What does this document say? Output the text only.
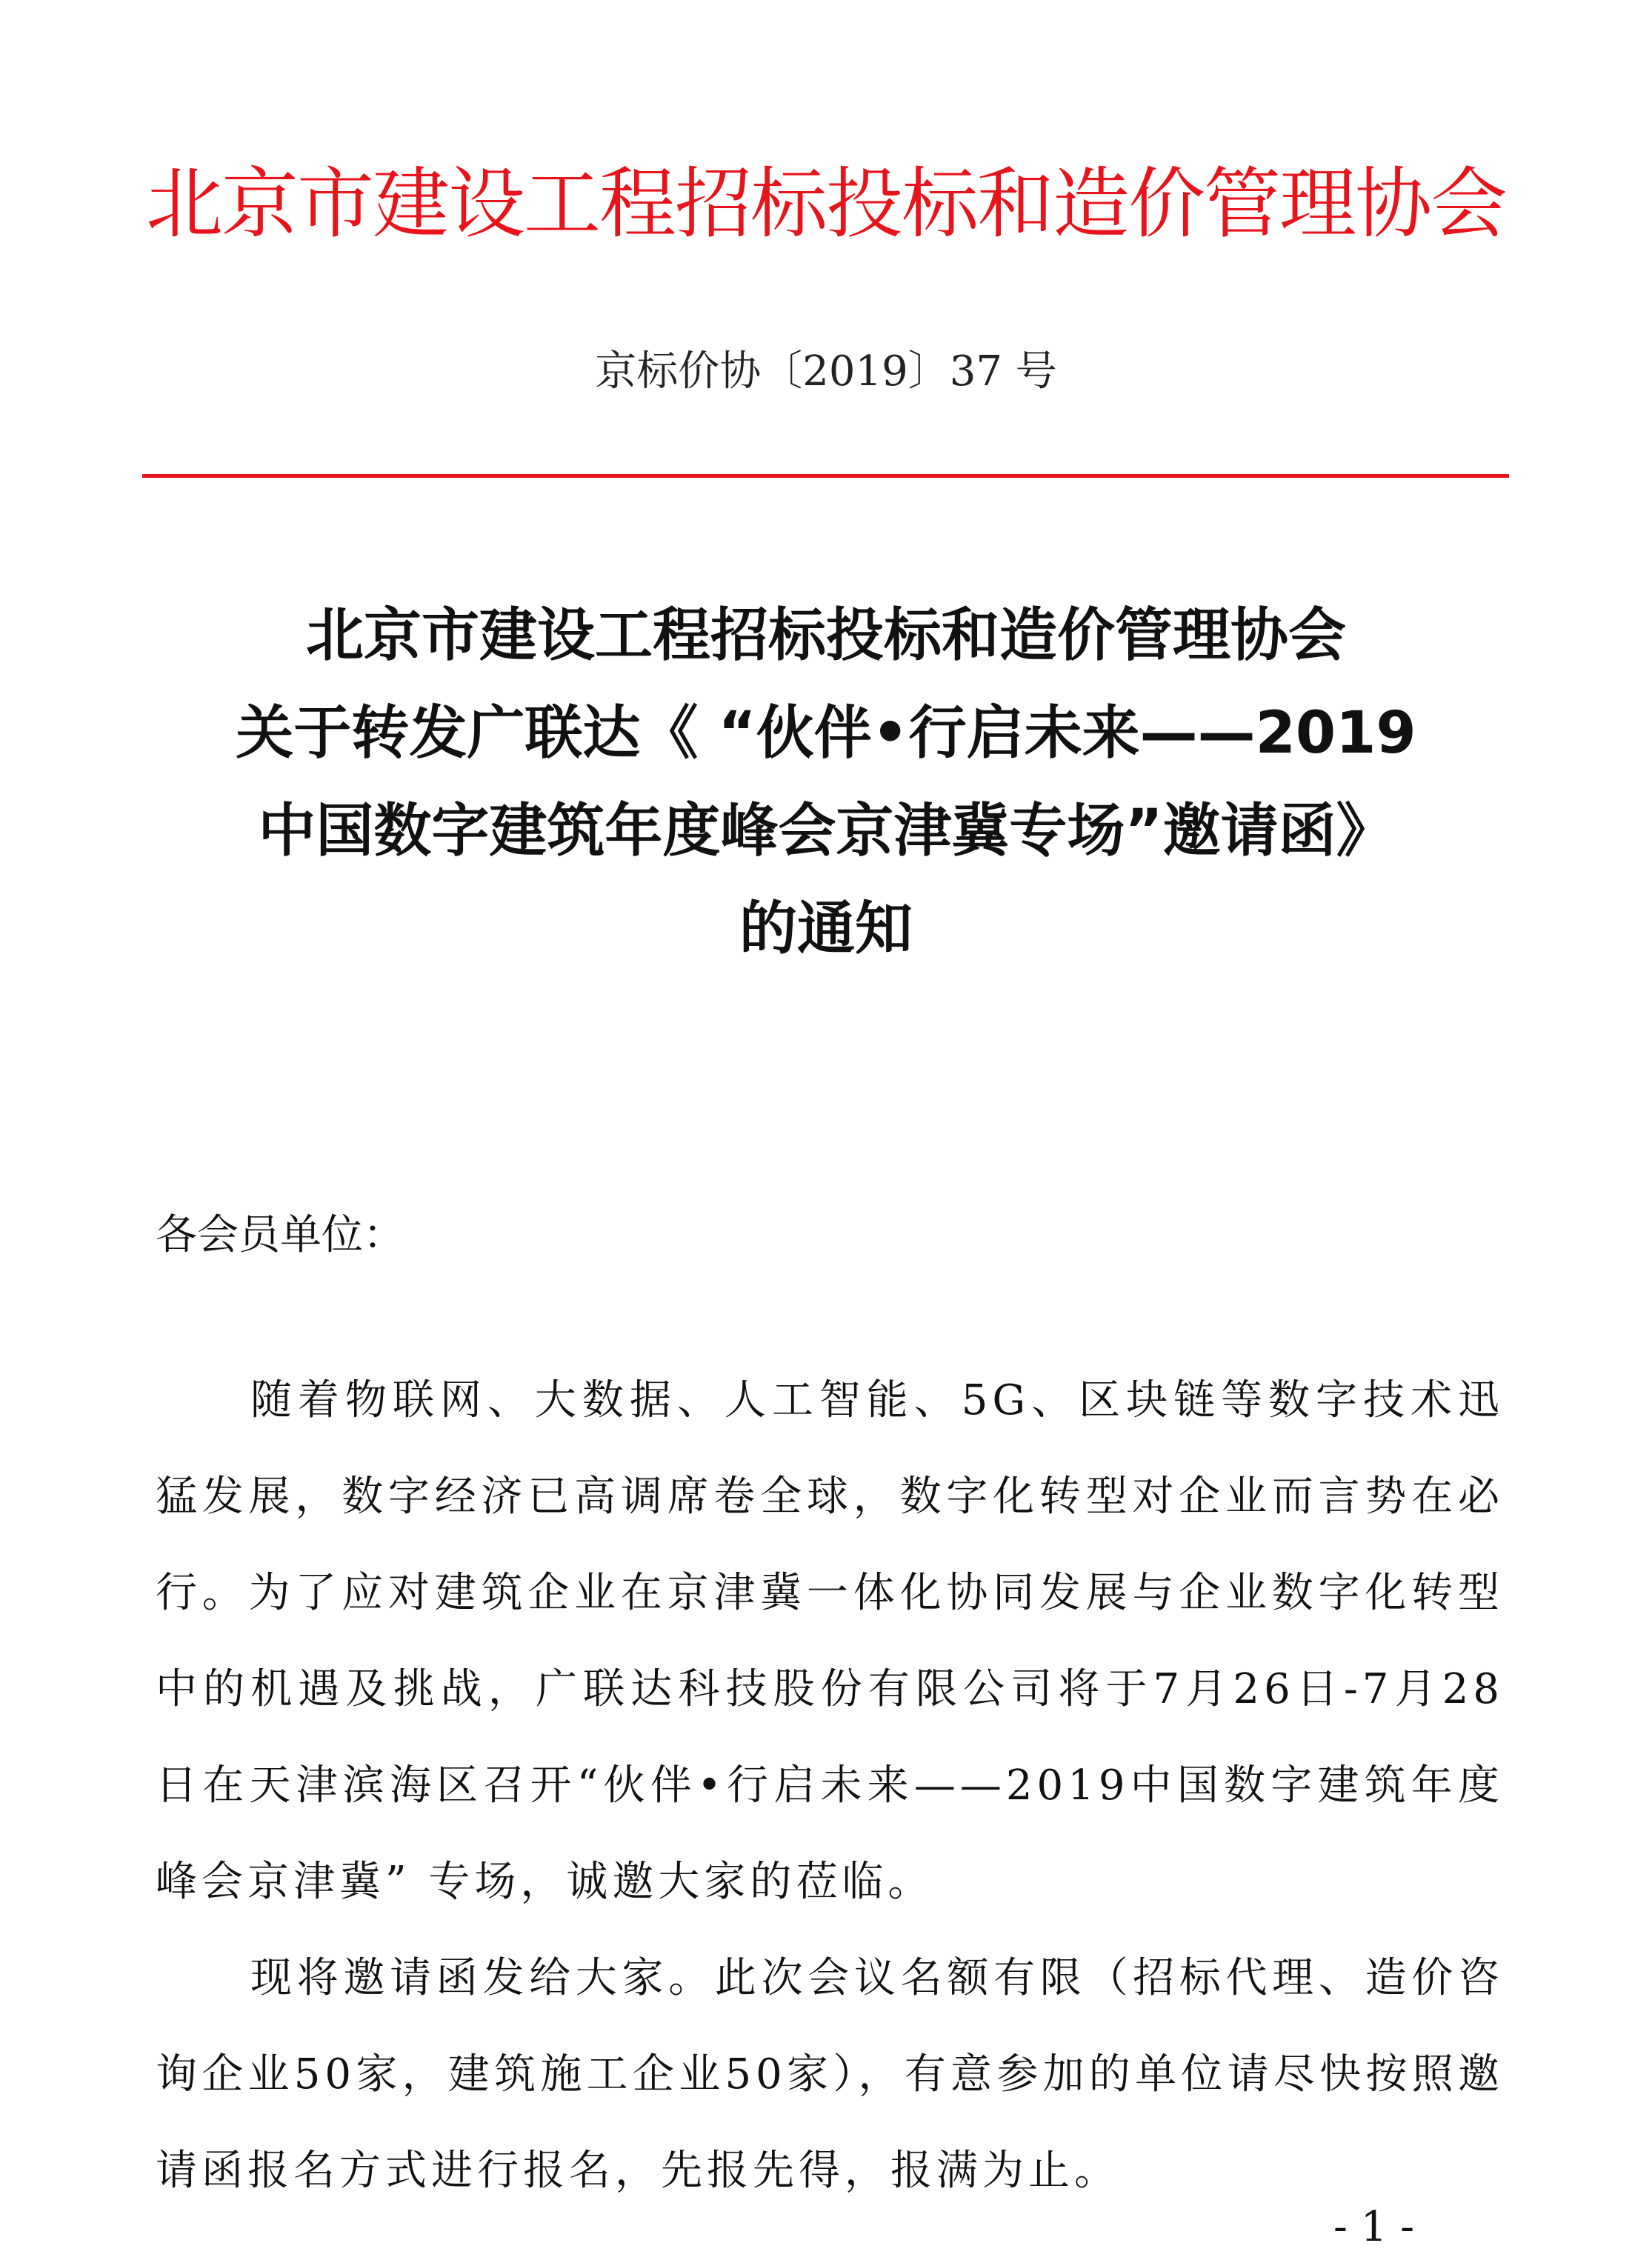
北京市建设工程招标投标和造价管理协会
京标价协〔2019〕37 号
北京市建设工程招标投标和造价管理协会
关于转发广联达《 “伙伴•行启未来——2019
中国数字建筑年度峰会京津冀专场”邀请函》
的通知
各会员单位：

随着物联网、大数据、人工智能、5G、区块链等数字技术迅猛发展，数字经济已高调席卷全球，数字化转型对企业而言势在必行。为了应对建筑企业在京津冀一体化协同发展与企业数字化转型中的机遇及挑战，广联达科技股份有限公司将于7月26日-7月28日在天津滨海区召开“伙伴•行启未来——2019中国数字建筑年度峰会京津冀” 专场，诚邀大家的莅临。

现将邀请函发给大家。此次会议名额有限（招标代理、造价咨询企业50家，建筑施工企业50家），有意参加的单位请尽快按照邀请函报名方式进行报名，先报先得，报满为止。

- 1 -
